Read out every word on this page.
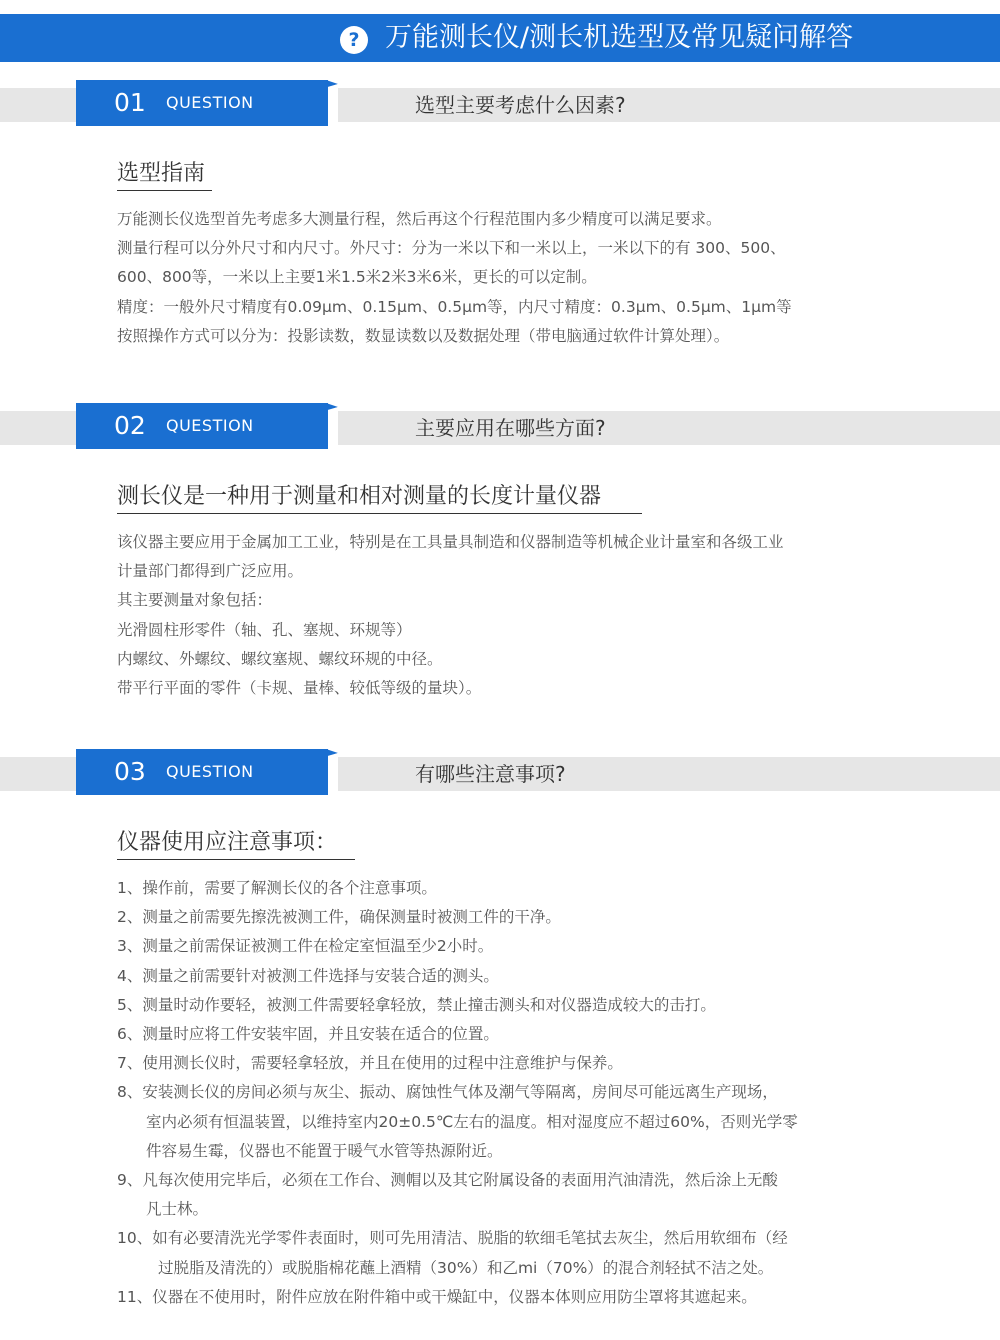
? 万能测长仪/测长机选型及常见疑问解答
01 QUESTION	选型主要考虑什么因素?
选型指南
万能测长仪选型首先考虑多大测量行程，然后再这个行程范围内多少精度可以满足要求。
测量行程可以分外尺寸和内尺寸。外尺寸：分为一米以下和一米以上，一米以下的有 300、500、
600、800等，一米以上主要1米1.5米2米3米6米，更长的可以定制。
精度：一般外尺寸精度有0.09μm、0.15μm、0.5μm等，内尺寸精度：0.3μm、0.5μm、1μm等
按照操作方式可以分为：投影读数，数显读数以及数据处理（带电脑通过软件计算处理）。
02 QUESTION	主要应用在哪些方面?
测长仪是一种用于测量和相对测量的长度计量仪器
该仪器主要应用于金属加工工业，特别是在工具量具制造和仪器制造等机械企业计量室和各级工业
计量部门都得到广泛应用。
其主要测量对象包括：
光滑圆柱形零件（轴、孔、塞规、环规等）
内螺纹、外螺纹、螺纹塞规、螺纹环规的中径。
带平行平面的零件（卡规、量棒、较低等级的量块）。
03 QUESTION	有哪些注意事项?
仪器使用应注意事项：
1、操作前，需要了解测长仪的各个注意事项。
2、测量之前需要先擦洗被测工件，确保测量时被测工件的干净。
3、测量之前需保证被测工件在检定室恒温至少2小时。
4、测量之前需要针对被测工件选择与安装合适的测头。
5、测量时动作要轻，被测工件需要轻拿轻放，禁止撞击测头和对仪器造成较大的击打。
6、测量时应将工件安装牢固，并且安装在适合的位置。
7、使用测长仪时，需要轻拿轻放，并且在使用的过程中注意维护与保养。
8、安装测长仪的房间必须与灰尘、振动、腐蚀性气体及潮气等隔离，房间尽可能远离生产现场，
室内必须有恒温装置，以维持室内20±0.5℃左右的温度。相对湿度应不超过60%，否则光学零
件容易生霉，仪器也不能置于暖气水管等热源附近。
9、凡每次使用完毕后，必须在工作台、测帽以及其它附属设备的表面用汽油清洗，然后涂上无酸
凡士林。
10、如有必要清洗光学零件表面时，则可先用清洁、脱脂的软细毛笔拭去灰尘，然后用软细布（经
过脱脂及清洗的）或脱脂棉花蘸上酒精（30%）和乙mi（70%）的混合剂轻拭不洁之处。
11、仪器在不使用时，附件应放在附件箱中或干燥缸中，仪器本体则应用防尘罩将其遮起来。
